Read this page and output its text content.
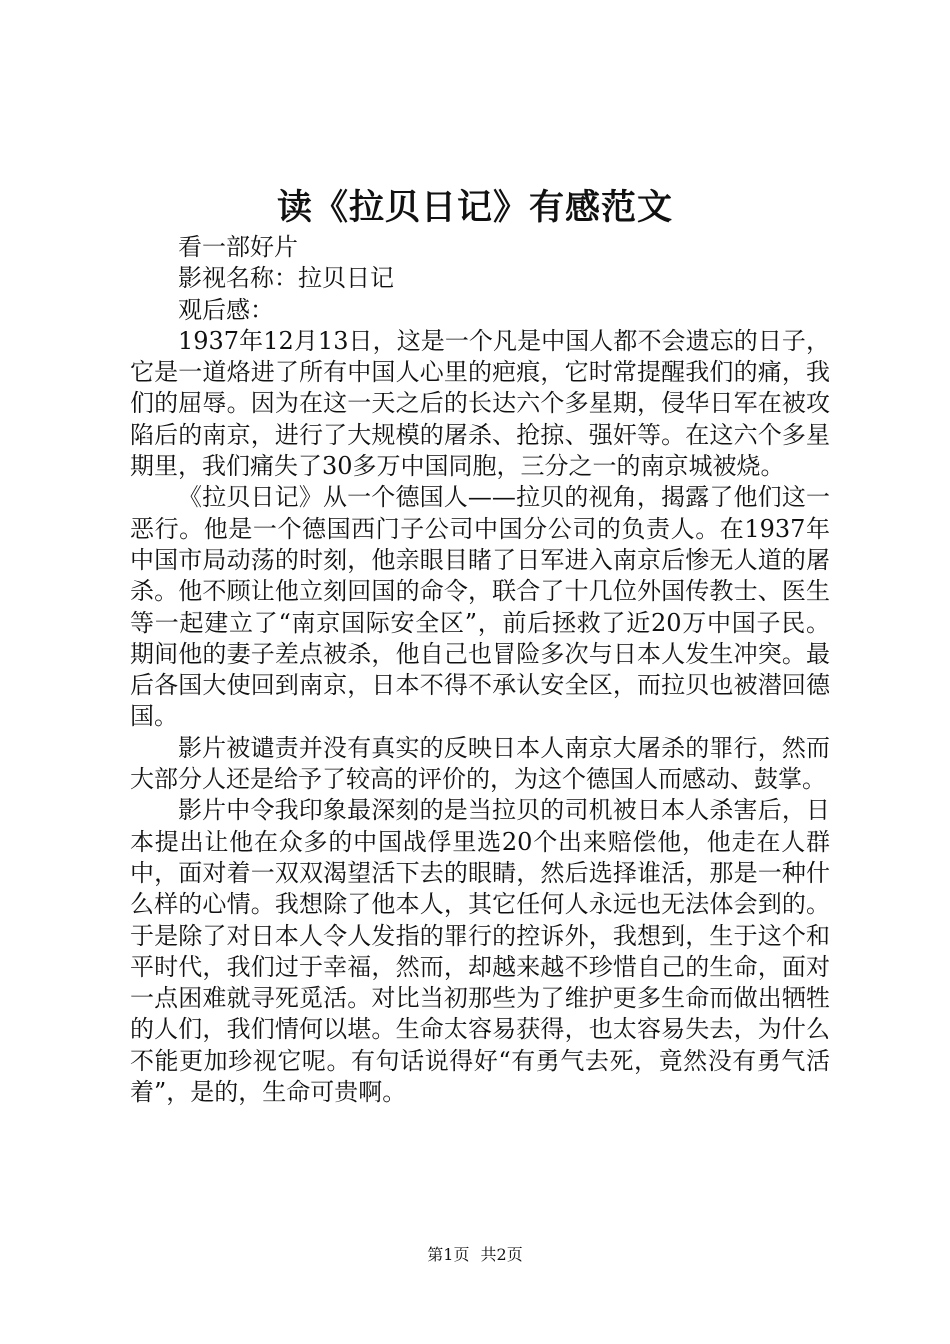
读《拉贝日记》有感范文

看一部好片

影视名称：拉贝日记

观后感：

1937年12月13日，这是一个凡是中国人都不会遗忘的日子，它是一道烙进了所有中国人心里的疤痕，它时常提醒我们的痛，我们的屈辱。因为在这一天之后的长达六个多星期，侵华日军在被攻陷后的南京，进行了大规模的屠杀、抢掠、强奸等。在这六个多星期里，我们痛失了30多万中国同胞，三分之一的南京城被烧。

《拉贝日记》从一个德国人——拉贝的视角，揭露了他们这一恶行。他是一个德国西门子公司中国分公司的负责人。在1937年中国市局动荡的时刻，他亲眼目睹了日军进入南京后惨无人道的屠杀。他不顾让他立刻回国的命令，联合了十几位外国传教士、医生等一起建立了“南京国际安全区”，前后拯救了近20万中国子民。期间他的妻子差点被杀，他自己也冒险多次与日本人发生冲突。最后各国大使回到南京，日本不得不承认安全区，而拉贝也被潜回德国。

影片被谴责并没有真实的反映日本人南京大屠杀的罪行，然而大部分人还是给予了较高的评价的，为这个德国人而感动、鼓掌。

影片中令我印象最深刻的是当拉贝的司机被日本人杀害后，日本提出让他在众多的中国战俘里选20个出来赔偿他，他走在人群中，面对着一双双渴望活下去的眼睛，然后选择谁活，那是一种什么样的心情。我想除了他本人，其它任何人永远也无法体会到的。于是除了对日本人令人发指的罪行的控诉外，我想到，生于这个和平时代，我们过于幸福，然而，却越来越不珍惜自己的生命，面对一点困难就寻死觅活。对比当初那些为了维护更多生命而做出牺牲的人们，我们情何以堪。生命太容易获得，也太容易失去，为什么不能更加珍视它呢。有句话说得好“有勇气去死，竟然没有勇气活着”，是的，生命可贵啊。

第1页 共2页
